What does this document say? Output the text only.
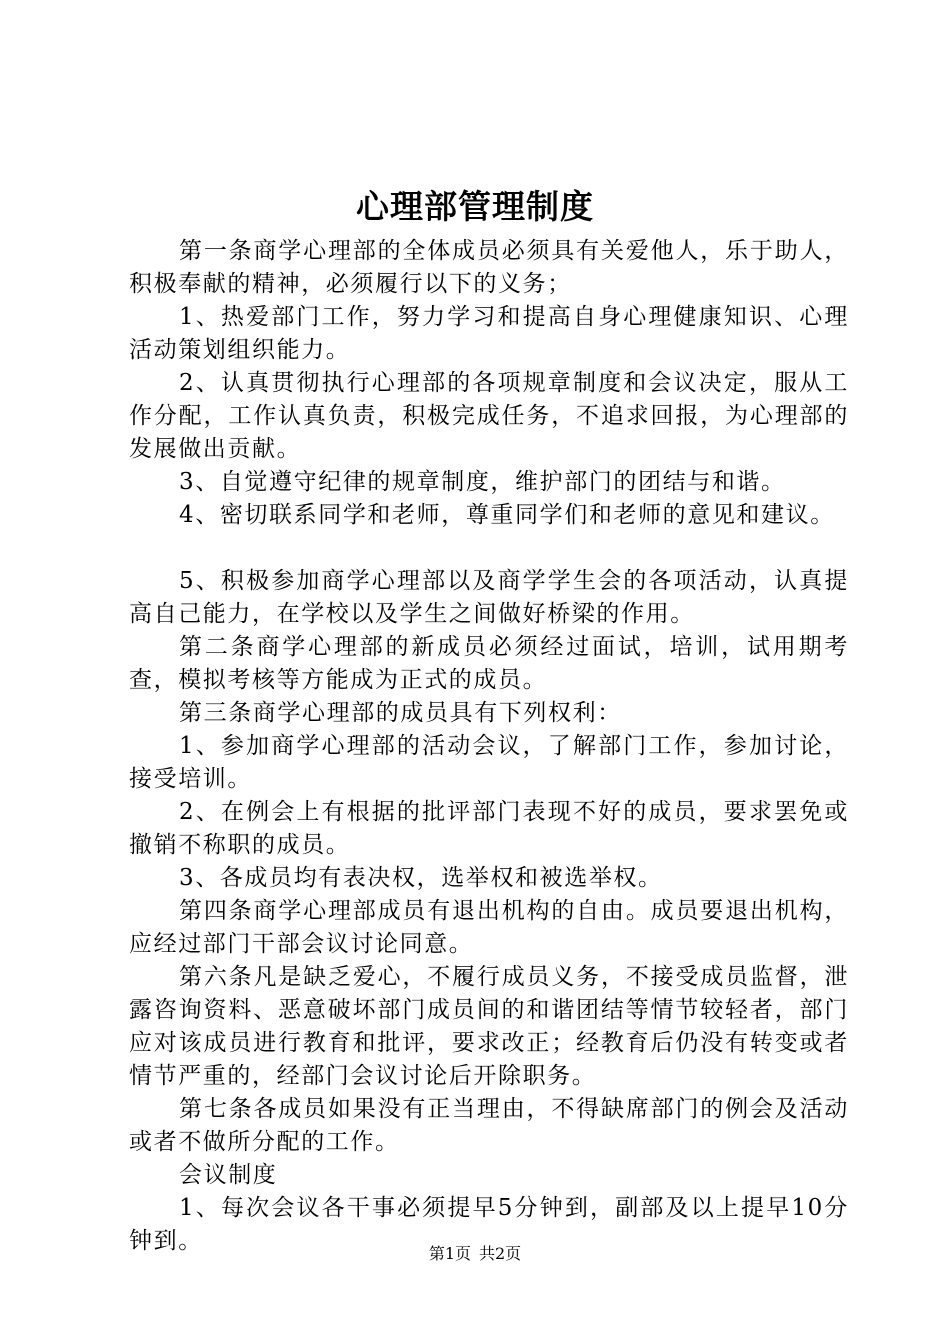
心理部管理制度

第一条商学心理部的全体成员必须具有关爱他人，乐于助人，积极奉献的精神，必须履行以下的义务；

1、热爱部门工作，努力学习和提高自身心理健康知识、心理活动策划组织能力。

2、认真贯彻执行心理部的各项规章制度和会议决定，服从工作分配，工作认真负责，积极完成任务，不追求回报，为心理部的发展做出贡献。

3、自觉遵守纪律的规章制度，维护部门的团结与和谐。

4、密切联系同学和老师，尊重同学们和老师的意见和建议。

5、积极参加商学心理部以及商学学生会的各项活动，认真提高自己能力，在学校以及学生之间做好桥梁的作用。

第二条商学心理部的新成员必须经过面试，培训，试用期考查，模拟考核等方能成为正式的成员。

第三条商学心理部的成员具有下列权利：

1、参加商学心理部的活动会议，了解部门工作，参加讨论，接受培训。

2、在例会上有根据的批评部门表现不好的成员，要求罢免或撤销不称职的成员。

3、各成员均有表决权，选举权和被选举权。

第四条商学心理部成员有退出机构的自由。成员要退出机构，应经过部门干部会议讨论同意。

第六条凡是缺乏爱心，不履行成员义务，不接受成员监督，泄露咨询资料、恶意破坏部门成员间的和谐团结等情节较轻者，部门应对该成员进行教育和批评，要求改正；经教育后仍没有转变或者情节严重的，经部门会议讨论后开除职务。

第七条各成员如果没有正当理由，不得缺席部门的例会及活动或者不做所分配的工作。

会议制度

1、每次会议各干事必须提早5分钟到，副部及以上提早10分钟到。	第1页 共2页
